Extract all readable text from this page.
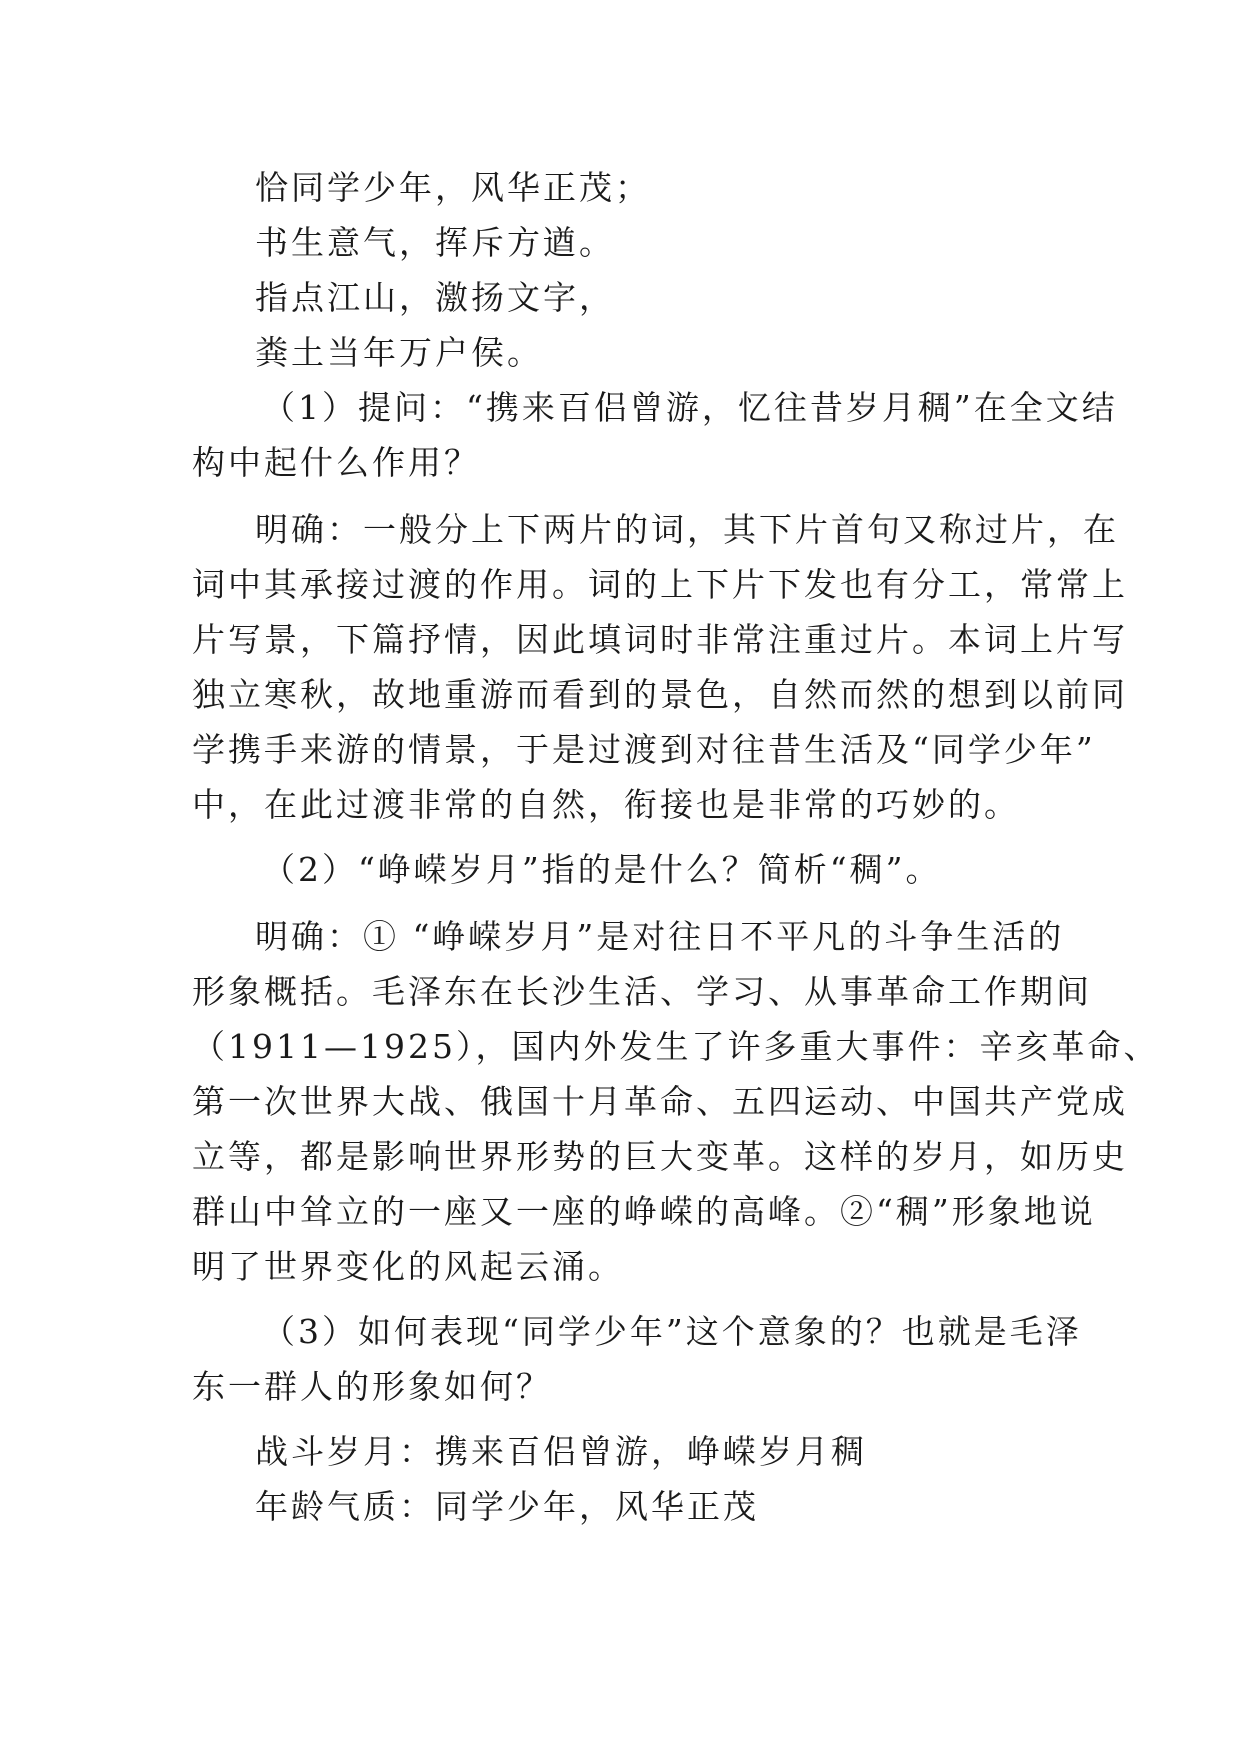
恰同学少年，风华正茂；
书生意气，挥斥方遒。
指点江山，激扬文字，
粪土当年万户侯。
（1）提问：“携来百侣曾游，忆往昔岁月稠”在全文结
构中起什么作用？
明确：一般分上下两片的词，其下片首句又称过片，在
词中其承接过渡的作用。词的上下片下发也有分工，常常上
片写景，下篇抒情，因此填词时非常注重过片。本词上片写
独立寒秋，故地重游而看到的景色，自然而然的想到以前同
学携手来游的情景，于是过渡到对往昔生活及“同学少年”
中，在此过渡非常的自然，衔接也是非常的巧妙的。
（2）“峥嵘岁月”指的是什么？简析“稠”。
明确：① “峥嵘岁月”是对往日不平凡的斗争生活的
形象概括。毛泽东在长沙生活、学习、从事革命工作期间
（1911—1925），国内外发生了许多重大事件：辛亥革命、
第一次世界大战、俄国十月革命、五四运动、中国共产党成
立等，都是影响世界形势的巨大变革。这样的岁月，如历史
群山中耸立的一座又一座的峥嵘的高峰。②“稠”形象地说
明了世界变化的风起云涌。
（3）如何表现“同学少年”这个意象的？也就是毛泽
东一群人的形象如何？
战斗岁月：携来百侣曾游，峥嵘岁月稠
年龄气质：同学少年，风华正茂
